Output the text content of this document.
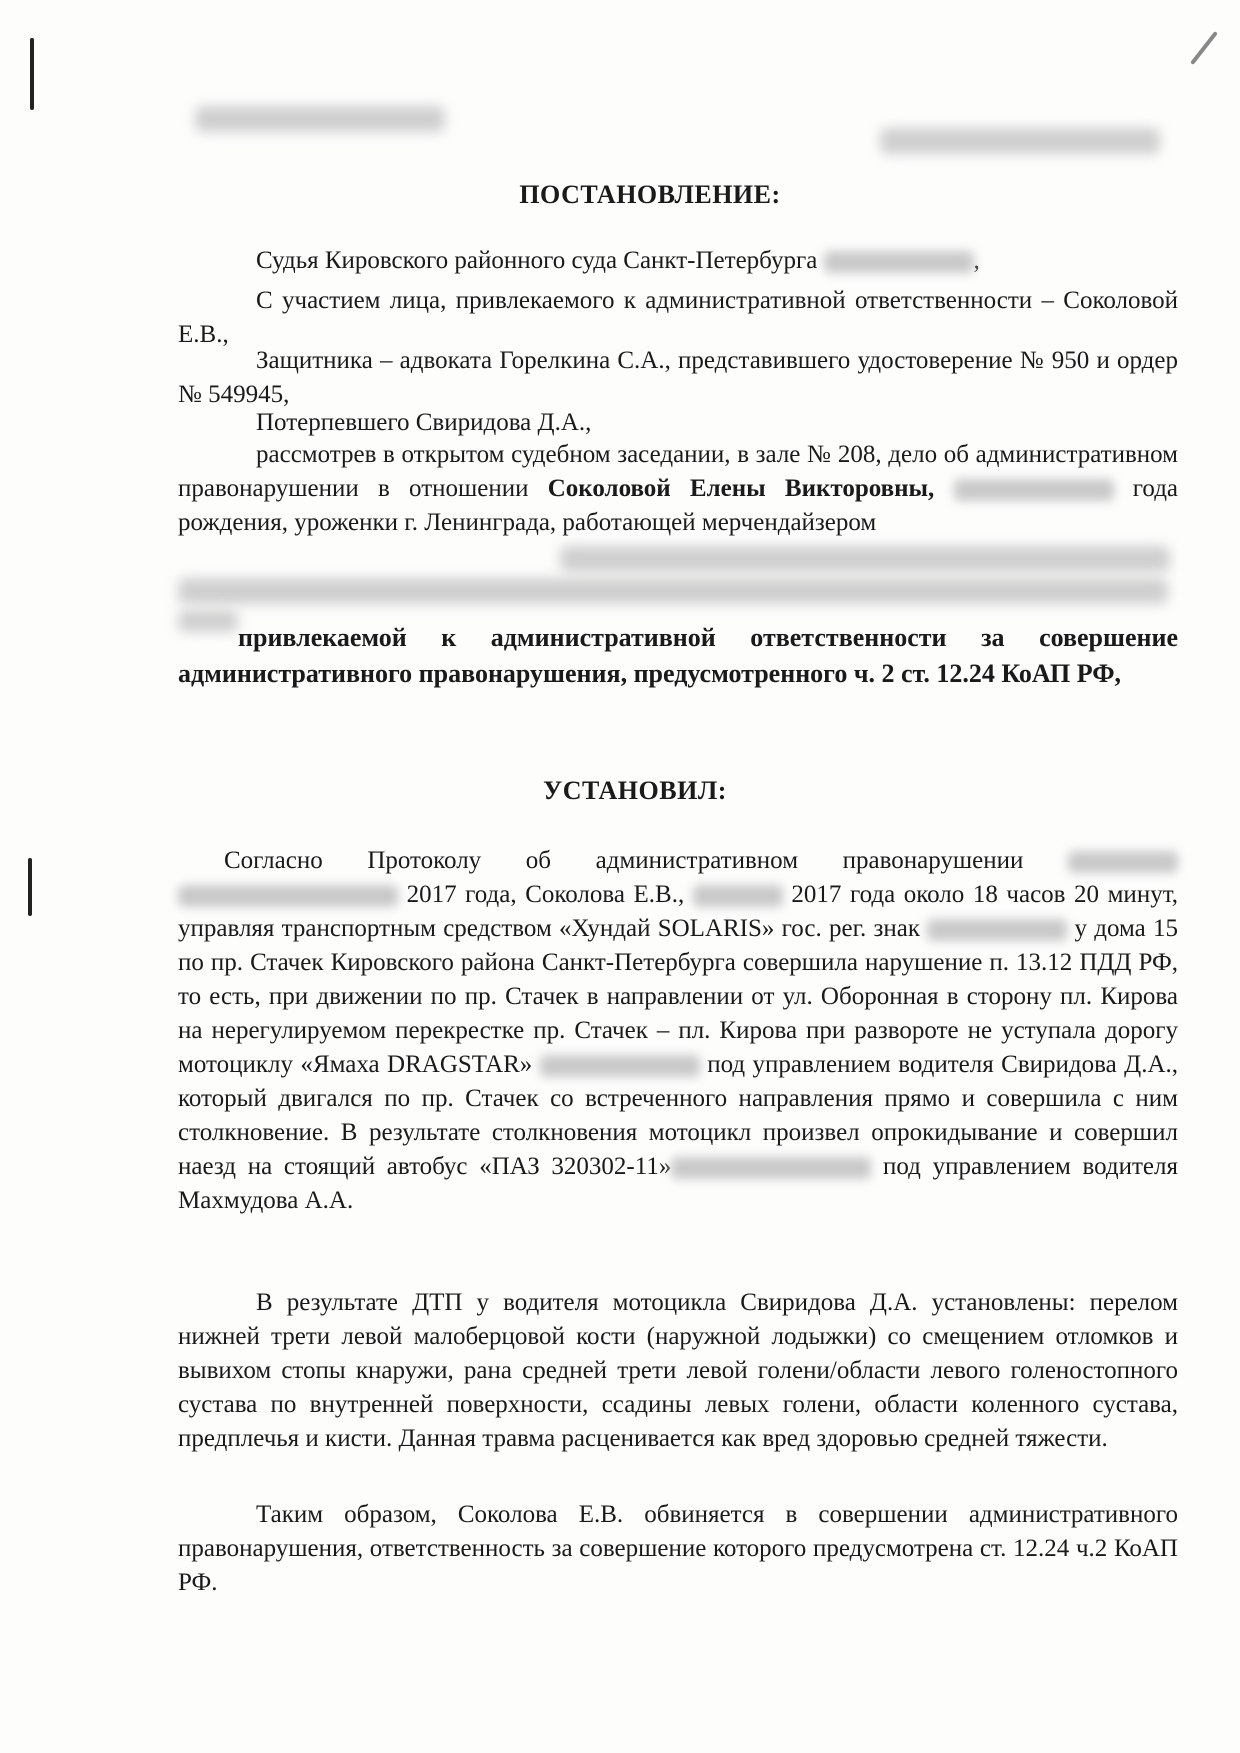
ПОСТАНОВЛЕНИЕ:
Судья Кировского районного суда Санкт-Петербурга	,
С участием лица, привлекаемого к административной ответственности – Соколовой Е.В.,
Защитника – адвоката Горелкина С.А., представившего удостоверение № 950 и ордер № 549945,
Потерпевшего Свиридова Д.А.,
рассмотрев в открытом судебном заседании, в зале № 208, дело об административном правонарушении в отношении Соколовой Елены Викторовны,	года рождения, уроженки г. Ленинграда, работающей мерчендайзером
привлекаемой к административной ответственности за совершение административного правонарушения, предусмотренного ч. 2 ст. 12.24 КоАП РФ,
УСТАНОВИЛ:
Согласно Протоколу об административном правонарушении   2017 года, Соколова Е.В.,	2017 года около 18 часов 20 минут, управляя транспортным средством «Хундай SOLARIS» гос. рег. знак	у дома 15 по пр. Стачек Кировского района Санкт-Петербурга совершила нарушение п. 13.12 ПДД РФ, то есть, при движении по пр. Стачек в направлении от ул. Оборонная в сторону пл. Кирова на нерегулируемом перекрестке пр. Стачек – пл. Кирова при развороте не уступала дорогу мотоциклу «Ямаха DRAGSTAR»	под управлением водителя Свиридова Д.А., который двигался по пр. Стачек со встреченного направления прямо и совершила с ним столкновение. В результате столкновения мотоцикл произвел опрокидывание и совершил наезд на стоящий автобус «ПАЗ 320302-11»	под управлением водителя Махмудова А.А.
В результате ДТП у водителя мотоцикла Свиридова Д.А. установлены: перелом нижней трети левой малоберцовой кости (наружной лодыжки) со смещением отломков и вывихом стопы кнаружи, рана средней трети левой голени/области левого голеностопного сустава по внутренней поверхности, ссадины левых голени, области коленного сустава, предплечья и кисти. Данная травма расценивается как вред здоровью средней тяжести.
Таким образом, Соколова Е.В. обвиняется в совершении административного правонарушения, ответственность за совершение которого предусмотрена ст. 12.24 ч.2 КоАП РФ.
